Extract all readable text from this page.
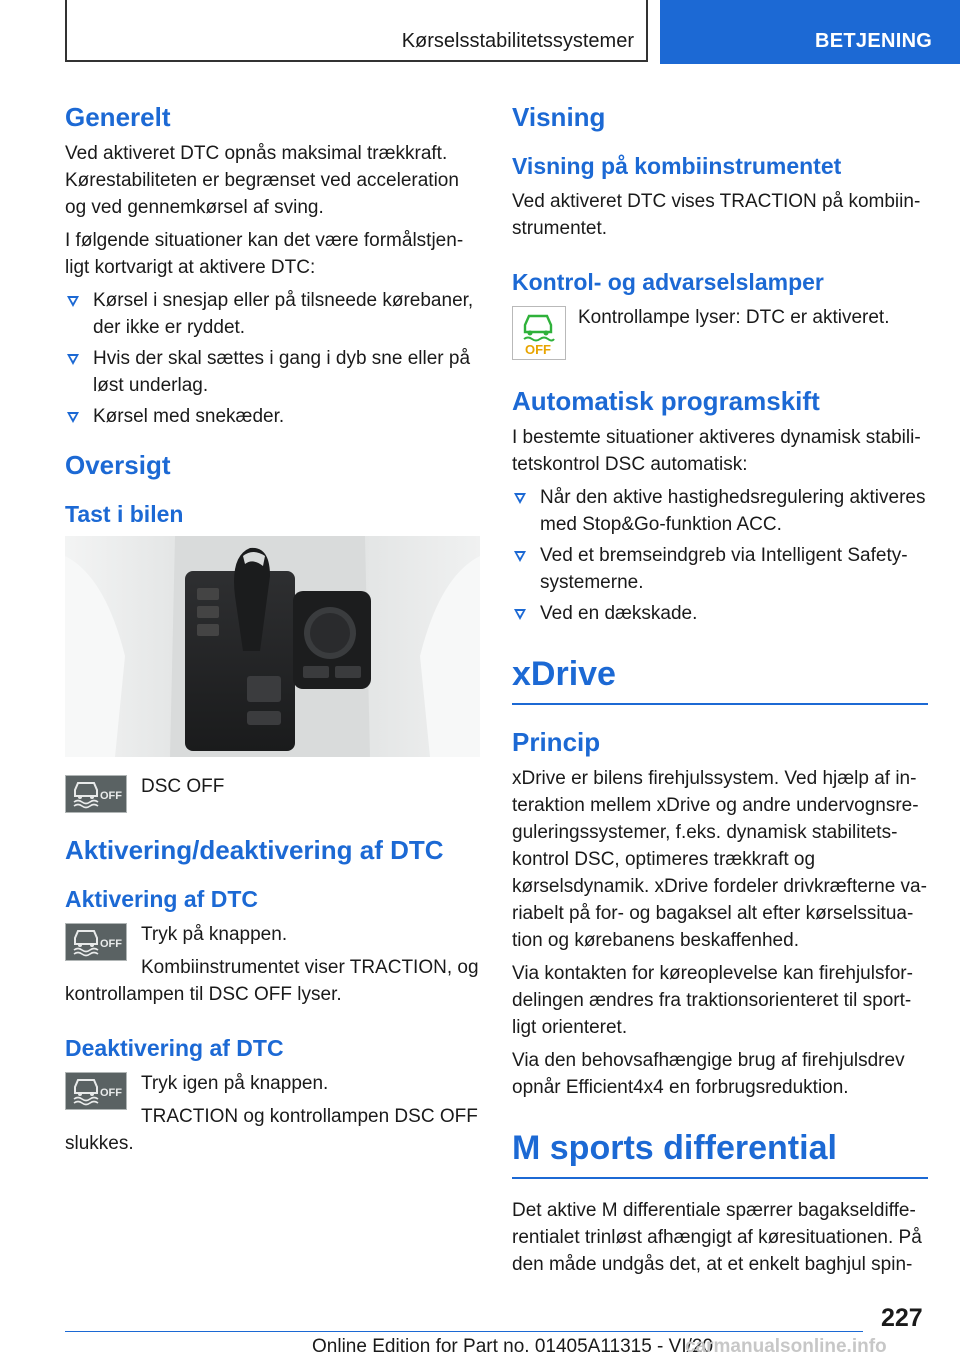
Kørselsstabilitetssystemer	BETJENING
Generelt

Ved aktiveret DTC opnås maksimal trækkraft. Kørestabiliteten er begrænset ved acceleration og ved gennemkørsel af sving.

I følgende situationer kan det være formålstjenligt kortvarigt at aktivere DTC:

Kørsel i snesjap eller på tilsneede kørebaner, der ikke er ryddet.
Hvis der skal sættes i gang i dyb sne eller på løst underlag.
Kørsel med snekæder.
Oversigt
Tast i bilen
OFF DSC OFF

Aktivering/deaktivering af DTC
Aktivering af DTC
OFF Tryk på knappen.

Kombiinstrumentet viser TRACTION, og kontrollampen til DSC OFF lyser.

Deaktivering af DTC
OFF Tryk igen på knappen.

TRACTION og kontrollampen DSC OFF slukkes.

Visning
Visning på kombiinstrumentet

Ved aktiveret DTC vises TRACTION på kombiinstrumentet.

Kontrol- og advarselslamper
OFF

Kontrollampe lyser: DTC er aktiveret.

Automatisk programskift

I bestemte situationer aktiveres dynamisk stabilitetskontrol DSC automatisk:

Når den aktive hastighedsregulering aktiveres med Stop&Go-funktion ACC.
Ved et bremseindgreb via Intelligent Safety-systemerne.
Ved en dækskade.
xDrive
Princip

xDrive er bilens firehjulssystem. Ved hjælp af interaktion mellem xDrive og andre undervognsreguleringssystemer, f.eks. dynamisk stabilitetskontrol DSC, optimeres trækkraft og kørselsdynamik. xDrive fordeler drivkræfterne variabelt på for- og bagaksel alt efter kørselssituation og kørebanens beskaffenhed.

Via kontakten for køreoplevelse kan firehjulsfordelingen ændres fra traktionsorienteret til sportligt orienteret.

Via den behovsafhængige brug af firehjulsdrev opnår Efficient4x4 en forbrugsreduktion.

M sports differential

Det aktive M differentiale spærrer bagakseldifferentialet trinløst afhængigt af køresituationen. På den måde undgås det, at et enkelt baghjul spin-

227
Online Edition for Part no. 01405A11315 - VI/20
carmanualsonline.info
